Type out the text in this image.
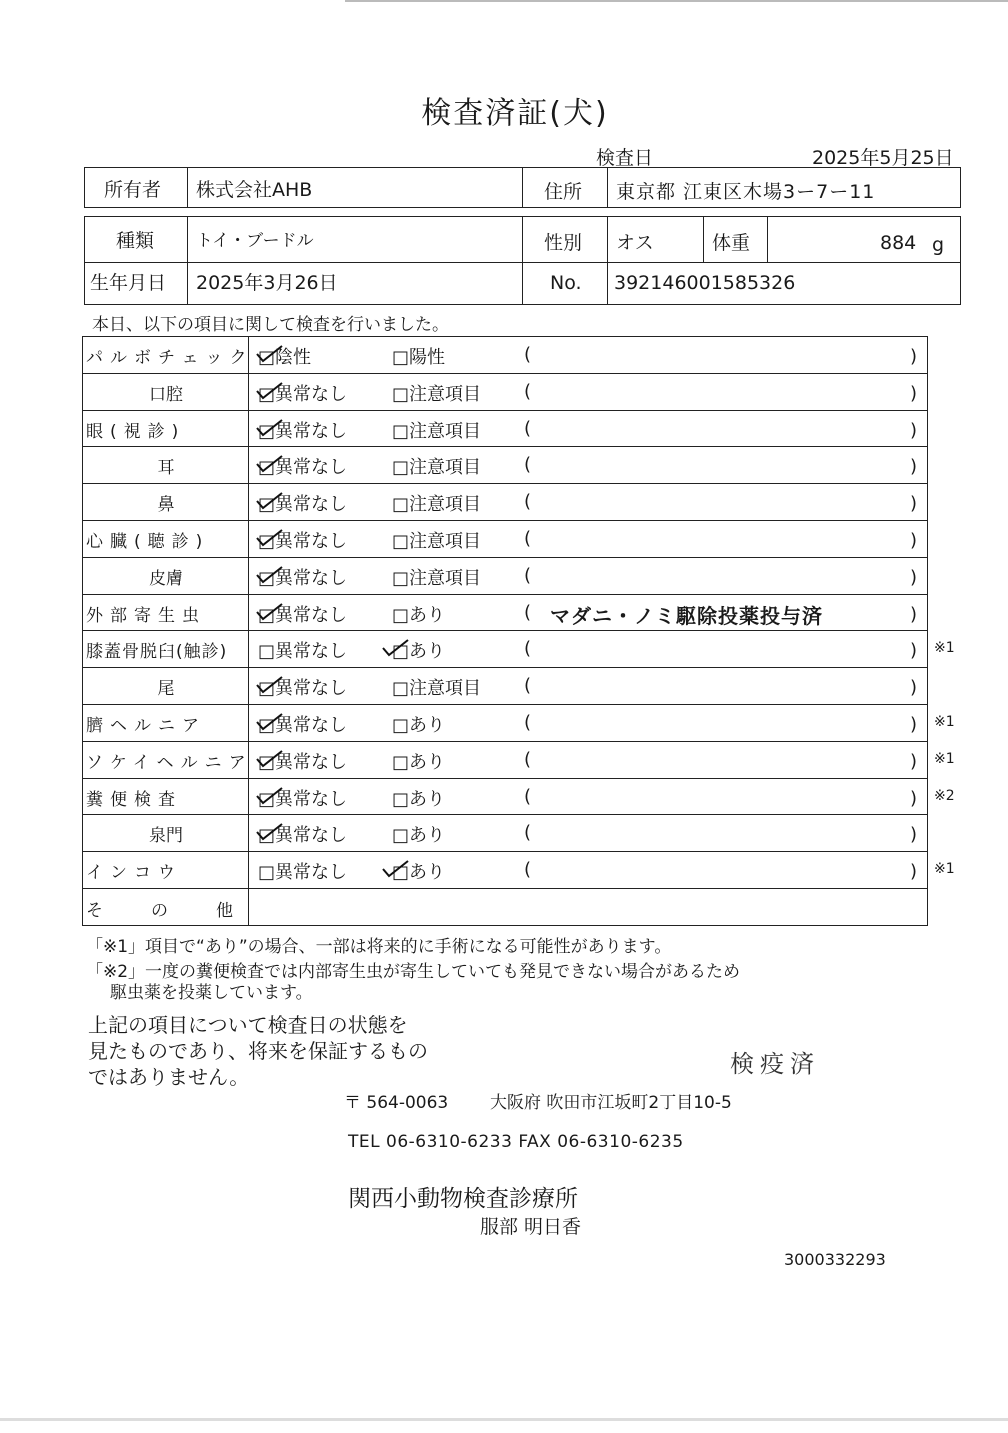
検査済証(犬)
検査日	2025年5月25日
所有者 株式会社AHB	住所 東京都 江東区木場3ー7ー11
種類 トイ・ブードル	性別 オス	体重	884 g
生年月日 2025年3月26日	No. 392146001585326
本日、以下の項目に関して検査を行いました。
パルボチェック □陰性	□陽性	(	)
口腔	□異常なし □注意項目 (	)
眼(視診)	□異常なし □注意項目 (	)
耳	□異常なし □注意項目 (	)
鼻	□異常なし □注意項目 (	)
心臓(聴診)	□異常なし □注意項目 (	)
皮膚	□異常なし □注意項目 (	)
外部寄生虫	□異常なし □あり	( マダニ・ノミ駆除投薬投与済	)
膝蓋骨脱臼(触診)	□異常なし □あり	(	) ※1
尾	□異常なし □注意項目 (	)
臍ヘルニア	□異常なし □あり	(	) ※1
ソケイヘルニア □異常なし □あり	(	) ※1
糞便検査	□異常なし □あり	(	) ※2
泉門	□異常なし □あり	(	)
インコウ	□異常なし □あり	(	) ※1
その他
「※1」項目で“あり”の場合、一部は将来的に手術になる可能性があります。
「※2」一度の糞便検査では内部寄生虫が寄生していても発見できない場合があるため
駆虫薬を投薬しています。
上記の項目について検査日の状態を
見たものであり、将来を保証するもの
ではありません。	検疫済
〒 564-0063 大阪府 吹田市江坂町2丁目10-5
TEL 06-6310-6233 FAX 06-6310-6235
関西小動物検査診療所
服部 明日香
3000332293
